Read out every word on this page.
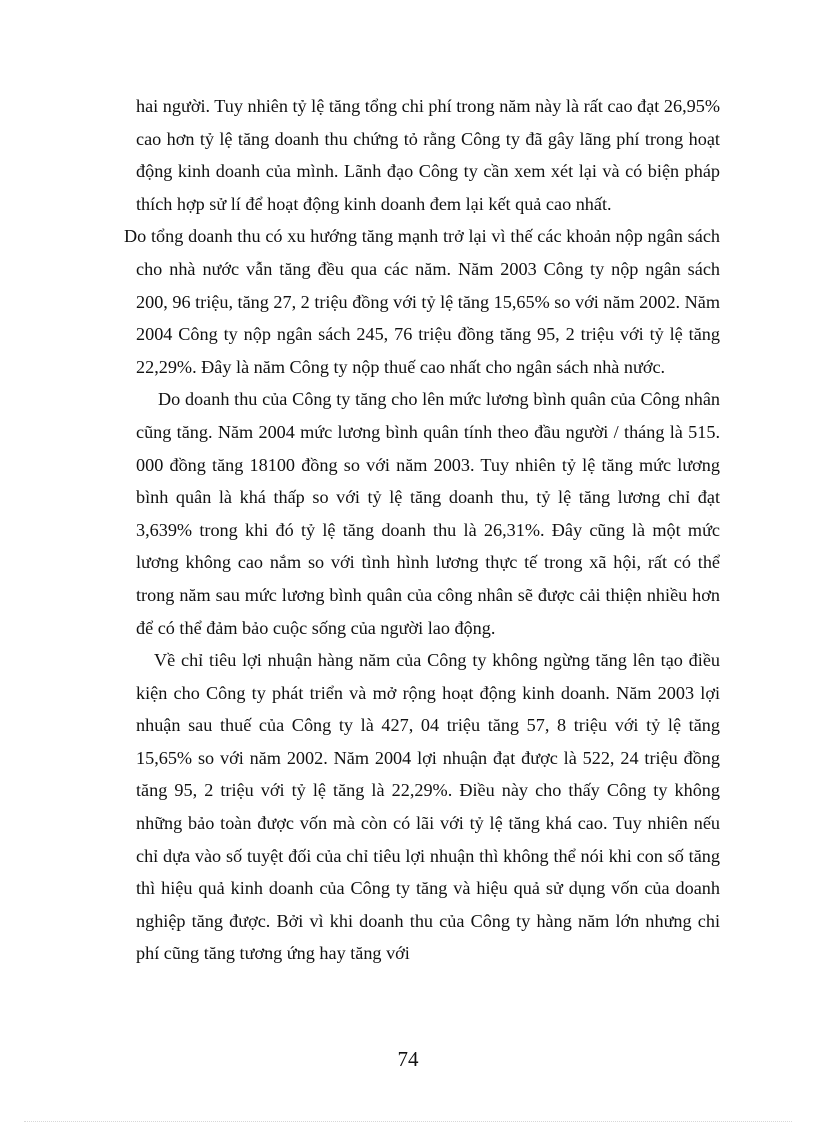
hai người. Tuy nhiên tỷ lệ tăng tổng chi phí trong năm này là rất cao đạt 26,95% cao hơn tỷ lệ tăng doanh thu chứng tỏ rằng Công ty đã gây lãng phí trong hoạt động kinh doanh của mình. Lãnh đạo Công ty cần xem xét lại và có biện pháp thích hợp sử lí để hoạt động kinh doanh đem lại kết quả cao nhất.

Do tổng doanh thu có xu hướng tăng mạnh trở lại vì thế các khoản nộp ngân sách cho nhà nước vẫn tăng đều qua các năm. Năm 2003 Công ty nộp ngân sách 200, 96 triệu, tăng 27, 2 triệu đồng với tỷ lệ tăng 15,65% so với năm 2002. Năm 2004 Công ty nộp ngân sách 245, 76 triệu đồng tăng 95, 2 triệu với tỷ lệ tăng 22,29%. Đây là năm Công ty nộp thuế cao nhất cho ngân sách nhà nước.

Do doanh thu của Công ty tăng cho lên mức lương bình quân của Công nhân cũng tăng. Năm 2004 mức lương bình quân tính theo đầu người / tháng là 515. 000 đồng tăng 18100 đồng so với năm 2003. Tuy nhiên tỷ lệ tăng mức lương bình quân là khá thấp so với tỷ lệ tăng doanh thu, tỷ lệ tăng lương chỉ đạt 3,639% trong khi đó tỷ lệ tăng doanh thu là 26,31%. Đây cũng là một mức lương không cao nắm so với tình hình lương thực tế trong xã hội, rất có thể trong năm sau mức lương bình quân của công nhân sẽ được cải thiện nhiều hơn để có thể đảm bảo cuộc sống của người lao động.

Về chỉ tiêu lợi nhuận hàng năm của Công ty không ngừng tăng lên tạo điều kiện cho Công ty phát triển và mở rộng hoạt động kinh doanh. Năm 2003 lợi nhuận sau thuế của Công ty là 427, 04 triệu tăng 57, 8 triệu với tỷ lệ tăng 15,65% so với năm 2002. Năm 2004 lợi nhuận đạt được là 522, 24 triệu đồng tăng 95, 2 triệu với tỷ lệ tăng là 22,29%. Điều này cho thấy Công ty không những bảo toàn được vốn mà còn có lãi với tỷ lệ tăng khá cao. Tuy nhiên nếu chỉ dựa vào số tuyệt đối của chỉ tiêu lợi nhuận thì không thể nói khi con số tăng thì hiệu quả kinh doanh của Công ty tăng và hiệu quả sử dụng vốn của doanh nghiệp tăng được. Bởi vì khi doanh thu của Công ty hàng năm lớn nhưng chi phí cũng tăng tương ứng hay tăng với

74
